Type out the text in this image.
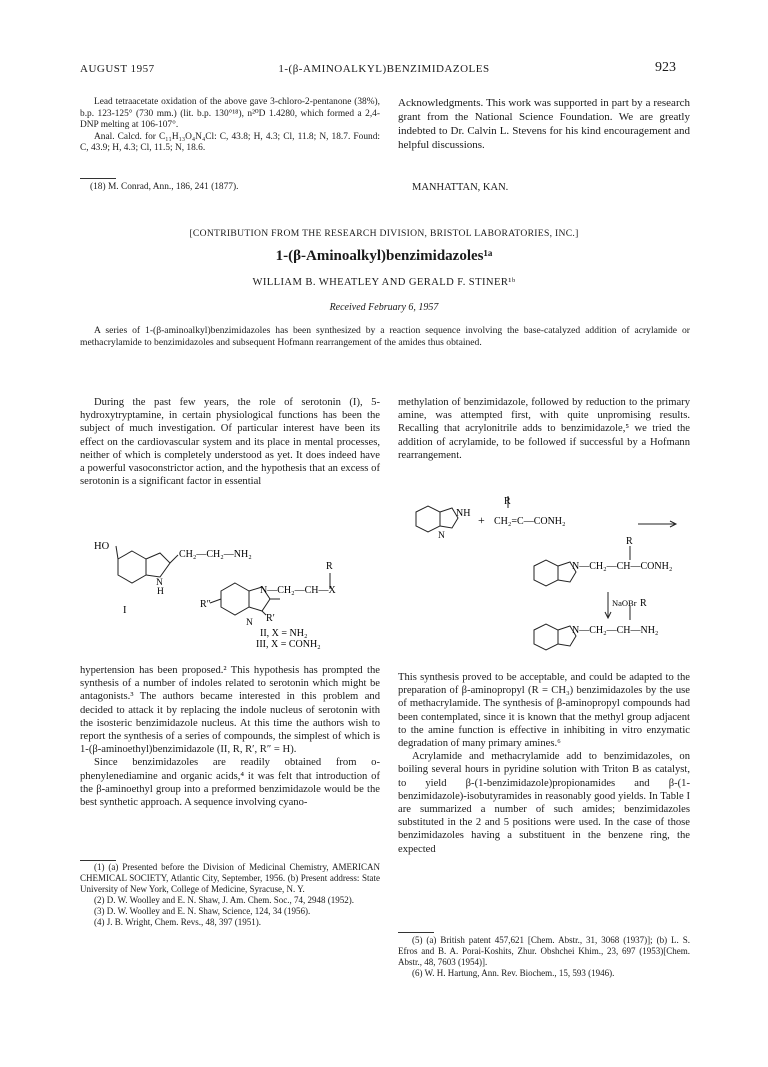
AUGUST 1957	1-(β-AMINOALKYL)BENZIMIDAZOLES	923

Lead tetraacetate oxidation of the above gave 3-chloro-2-pentanone (38%), b.p. 123-125° (730 mm.) (lit. b.p. 130°¹⁸), n²⁰D 1.4280, which formed a 2,4-DNP melting at 106-107°.

Anal. Calcd. for C₁₁H₁₃O₄N₄Cl: C, 43.8; H, 4.3; Cl, 11.8; N, 18.7. Found: C, 43.9; H, 4.3; Cl, 11.5; N, 18.6.

(18) M. Conrad, Ann., 186, 241 (1877).
Acknowledgments. This work was supported in part by a research grant from the National Science Foundation. We are greatly indebted to Dr. Calvin L. Stevens for his kind encouragement and helpful discussions.
MANHATTAN, KAN.
[CONTRIBUTION FROM THE RESEARCH DIVISION, BRISTOL LABORATORIES, INC.]
1-(β-Aminoalkyl)benzimidazoles¹ᵃ
WILLIAM B. WHEATLEY AND GERALD F. STINER¹ᵇ
Received February 6, 1957
A series of 1-(β-aminoalkyl)benzimidazoles has been synthesized by a reaction sequence involving the base-catalyzed addition of acrylamide or methacrylamide to benzimidazoles and subsequent Hofmann rearrangement of the amides thus obtained.

During the past few years, the role of serotonin (I), 5-hydroxytryptamine, in certain physiological functions has been the subject of much investigation. Of particular interest have been its effect on the cardiovascular system and its place in mental processes, neither of which is completely understood as yet. It does indeed have a powerful vasoconstrictor action, and the hypothesis that an excess of serotonin is a significant factor in essential

HO
CH₂—CH₂—NH₂
N
H
I
R″
R
N—CH₂—CH—X
N R′
II, X = NH₂
III, X = CONH₂

hypertension has been proposed.² This hypothesis has prompted the synthesis of a number of indoles related to serotonin which might be antagonists.³ The authors became interested in this problem and decided to attack it by replacing the indole nucleus of serotonin with the isosteric benzimidazole nucleus. At this time the authors wish to report the synthesis of a series of compounds, the simplest of which is 1-(β-aminoethyl)benzimidazole (II, R, R′, R″ = H).

Since benzimidazoles are readily obtained from o-phenylenediamine and organic acids,⁴ it was felt that introduction of the β-aminoethyl group into a preformed benzimidazole would be the best synthetic approach. A sequence involving cyano-

(1) (a) Presented before the Division of Medicinal Chemistry, AMERICAN CHEMICAL SOCIETY, Atlantic City, September, 1956. (b) Present address: State University of New York, College of Medicine, Syracuse, N. Y.

(2) D. W. Woolley and E. N. Shaw, J. Am. Chem. Soc., 74, 2948 (1952).

(3) D. W. Woolley and E. N. Shaw, Science, 124, 34 (1956).

(4) J. B. Wright, Chem. Revs., 48, 397 (1951).

methylation of benzimidazole, followed by reduction to the primary amine, was attempted first, with quite unpromising results. Recalling that acrylonitrile adds to benzimidazole,⁵ we tried the addition of acrylamide, to be followed if successful by a Hofmann rearrangement.

NH
N
+
R
CH₂=C—CONH₂
R
N—CH₂—CH—CONH₂
NaOBr R
N—CH₂—CH—NH₂

This synthesis proved to be acceptable, and could be adapted to the preparation of β-aminopropyl (R = CH₃) benzimidazoles by the use of methacrylamide. The synthesis of β-aminopropyl compounds had been contemplated, since it is known that the methyl group adjacent to the amine function is effective in inhibiting in vitro enzymatic degradation of many primary amines.⁶

Acrylamide and methacrylamide add to benzimidazoles, on boiling several hours in pyridine solution with Triton B as catalyst, to yield β-(1-benzimidazole)propionamides and β-(1-benzimidazole)-isobutyramides in reasonably good yields. In Table I are summarized a number of such amides; benzimidazoles substituted in the 2 and 5 positions were used. In the case of those benzimidazoles having a substituent in the benzene ring, the expected

(5) (a) British patent 457,621 [Chem. Abstr., 31, 3068 (1937)]; (b) L. S. Efros and B. A. Porai-Koshits, Zhur. Obshchei Khim., 23, 697 (1953)[Chem. Abstr., 48, 7603 (1954)].

(6) W. H. Hartung, Ann. Rev. Biochem., 15, 593 (1946).
